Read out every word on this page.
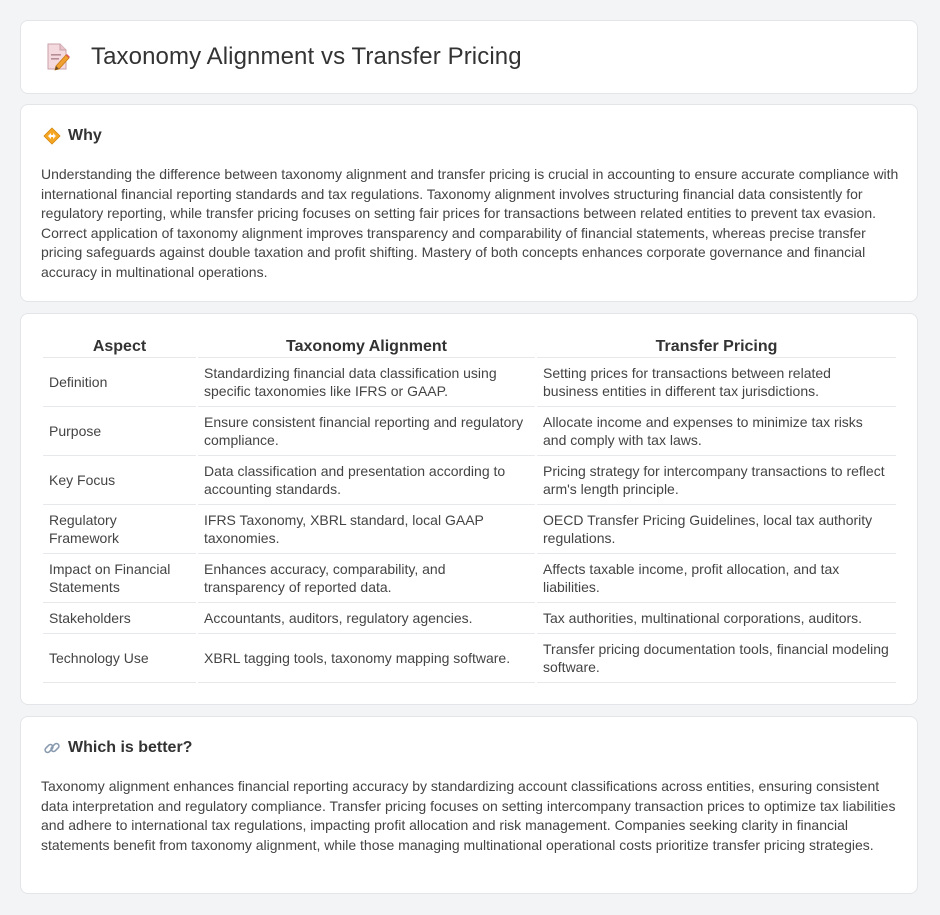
Taxonomy Alignment vs Transfer Pricing
Why

Understanding the difference between taxonomy alignment and transfer pricing is crucial in accounting to ensure accurate compliance with international financial reporting standards and tax regulations. Taxonomy alignment involves structuring financial data consistently for regulatory reporting, while transfer pricing focuses on setting fair prices for transactions between related entities to prevent tax evasion. Correct application of taxonomy alignment improves transparency and comparability of financial statements, whereas precise transfer pricing safeguards against double taxation and profit shifting. Mastery of both concepts enhances corporate governance and financial accuracy in multinational operations.

Aspect	Taxonomy Alignment	Transfer Pricing
Definition	Standardizing financial data classification using specific taxonomies like IFRS or GAAP.	Setting prices for transactions between related business entities in different tax jurisdictions.
Purpose	Ensure consistent financial reporting and regulatory compliance.	Allocate income and expenses to minimize tax risks and comply with tax laws.
Key Focus	Data classification and presentation according to accounting standards.	Pricing strategy for intercompany transactions to reflect arm's length principle.
Regulatory Framework	IFRS Taxonomy, XBRL standard, local GAAP taxonomies.	OECD Transfer Pricing Guidelines, local tax authority regulations.
Impact on Financial Statements	Enhances accuracy, comparability, and transparency of reported data.	Affects taxable income, profit allocation, and tax liabilities.
Stakeholders	Accountants, auditors, regulatory agencies.	Tax authorities, multinational corporations, auditors.
Technology Use	XBRL tagging tools, taxonomy mapping software.	Transfer pricing documentation tools, financial modeling software.
Which is better?

Taxonomy alignment enhances financial reporting accuracy by standardizing account classifications across entities, ensuring consistent data interpretation and regulatory compliance. Transfer pricing focuses on setting intercompany transaction prices to optimize tax liabilities and adhere to international tax regulations, impacting profit allocation and risk management. Companies seeking clarity in financial statements benefit from taxonomy alignment, while those managing multinational operational costs prioritize transfer pricing strategies.
